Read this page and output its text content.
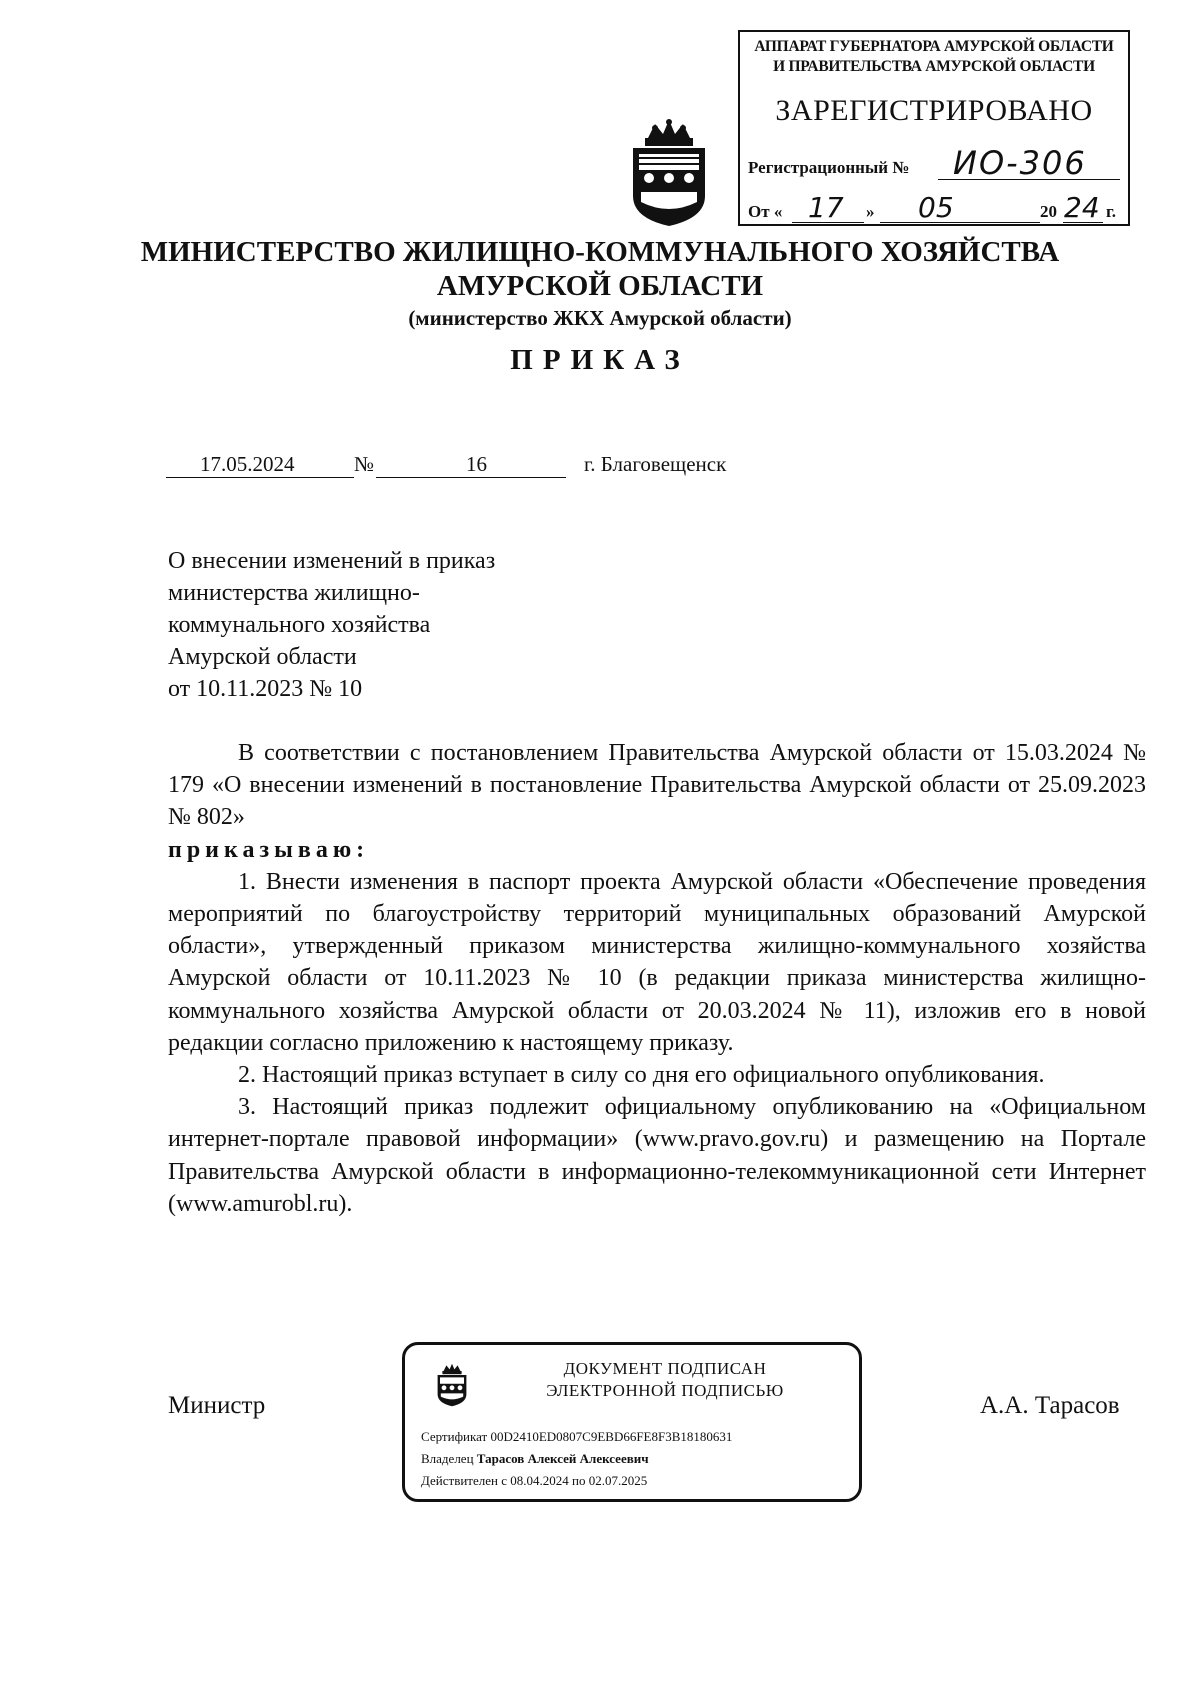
АППАРАТ ГУБЕРНАТОРА АМУРСКОЙ ОБЛАСТИ
И ПРАВИТЕЛЬСТВА АМУРСКОЙ ОБЛАСТИ
ЗАРЕГИСТРИРОВАНО
Регистрационный № ИО-306
От « 17 » 05	20 24 г.
МИНИСТЕРСТВО ЖИЛИЩНО-КОММУНАЛЬНОГО ХОЗЯЙСТВА
АМУРСКОЙ ОБЛАСТИ
(министерство ЖКХ Амурской области)
ПРИКАЗ
17.05.2024	№	16	г. Благовещенск
О внесении изменений в приказ
министерства жилищно-
коммунального хозяйства
Амурской области
от 10.11.2023 № 10

В соответствии с постановлением Правительства Амурской области от 15.03.2024 № 179 «О внесении изменений в постановление Правительства Амурской области от 25.09.2023 № 802»

приказываю:

1. Внести изменения в паспорт проекта Амурской области «Обеспечение проведения мероприятий по благоустройству территорий муниципальных образований Амурской области», утвержденный приказом министерства жилищно-коммунального хозяйства Амурской области от 10.11.2023 № 10 (в редакции приказа министерства жилищно-коммунального хозяйства Амурской области от 20.03.2024 № 11), изложив его в новой редакции согласно приложению к настоящему приказу.

2. Настоящий приказ вступает в силу со дня его официального опубликования.

3. Настоящий приказ подлежит официальному опубликованию на «Официальном интернет-портале правовой информации» (www.pravo.gov.ru) и размещению на Портале Правительства Амурской области в информационно-телекоммуникационной сети Интернет (www.amurobl.ru).

Министр	А.А. Тарасов
ДОКУМЕНТ ПОДПИСАН
ЭЛЕКТРОННОЙ ПОДПИСЬЮ
Сертификат 00D2410ED0807C9EBD66FE8F3B18180631
Владелец Тарасов Алексей Алексеевич
Действителен с 08.04.2024 по 02.07.2025
